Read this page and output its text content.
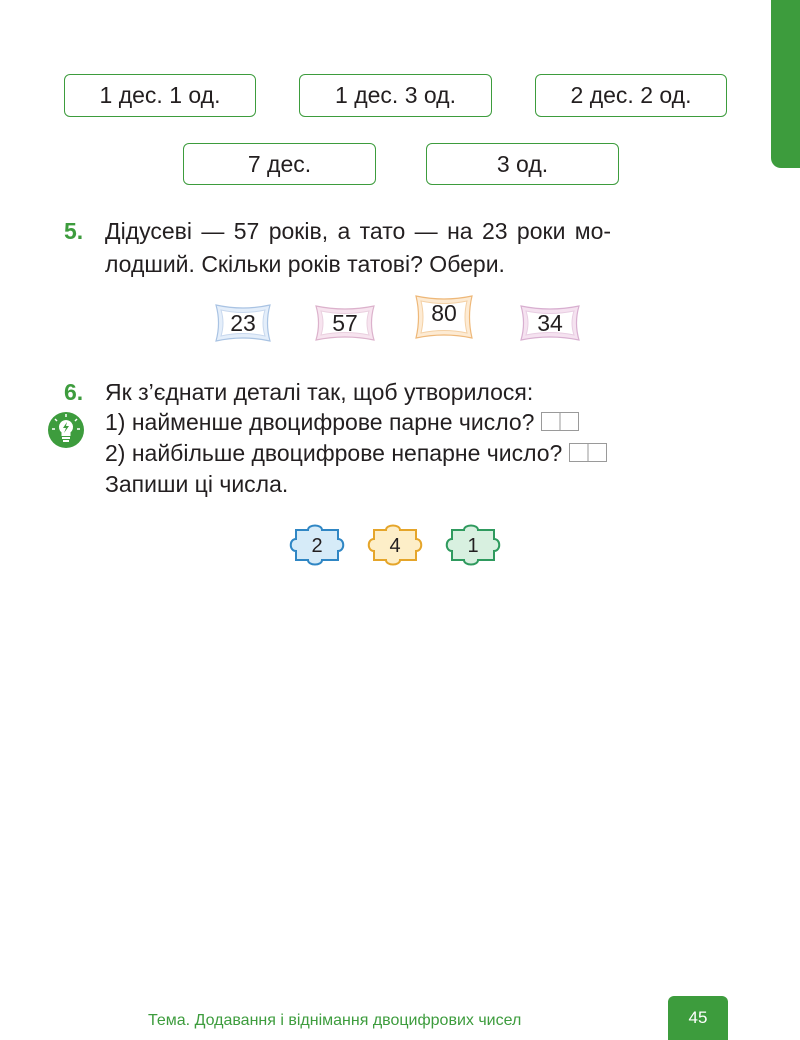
1 дес. 1 од.	1 дес. 3 од.	2 дес. 2 од.
7 дес.	3 од.
5. Дідусеві — 57 років, а тато — на 23 роки мо-
лодший. Скільки років татові? Обери.
23	57	80	34
6. Як з’єднати деталі так, щоб утворилося:
1) найменше двоцифрове парне число?
2) найбільше двоцифрове непарне число?
Запиши ці числа.
2	4	1
Тема. Додавання і віднімання двоцифрових чисел	45
